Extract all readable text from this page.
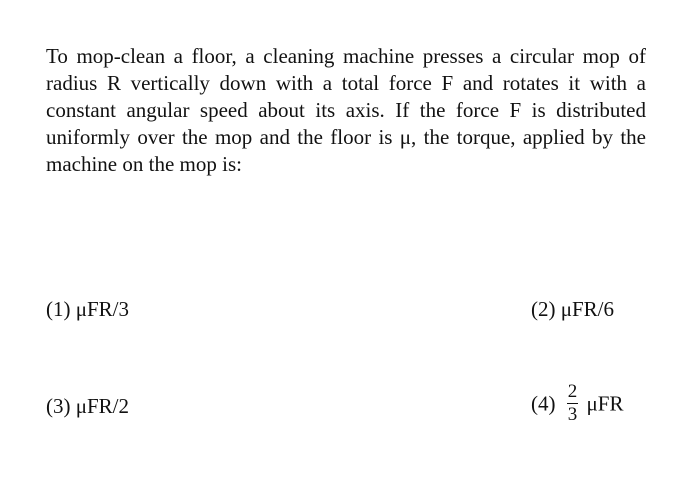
To mop-clean a floor, a cleaning machine presses a circular mop of radius R vertically down with a total force F and rotates it with a constant angular speed about its axis. If the force F is distributed uniformly over the mop and the floor is μ, the torque, applied by the machine on the mop is:

(1) μFR/3	(2) μFR/6
(3) μFR/2	$(4) \frac{2}{3}$ μFR
